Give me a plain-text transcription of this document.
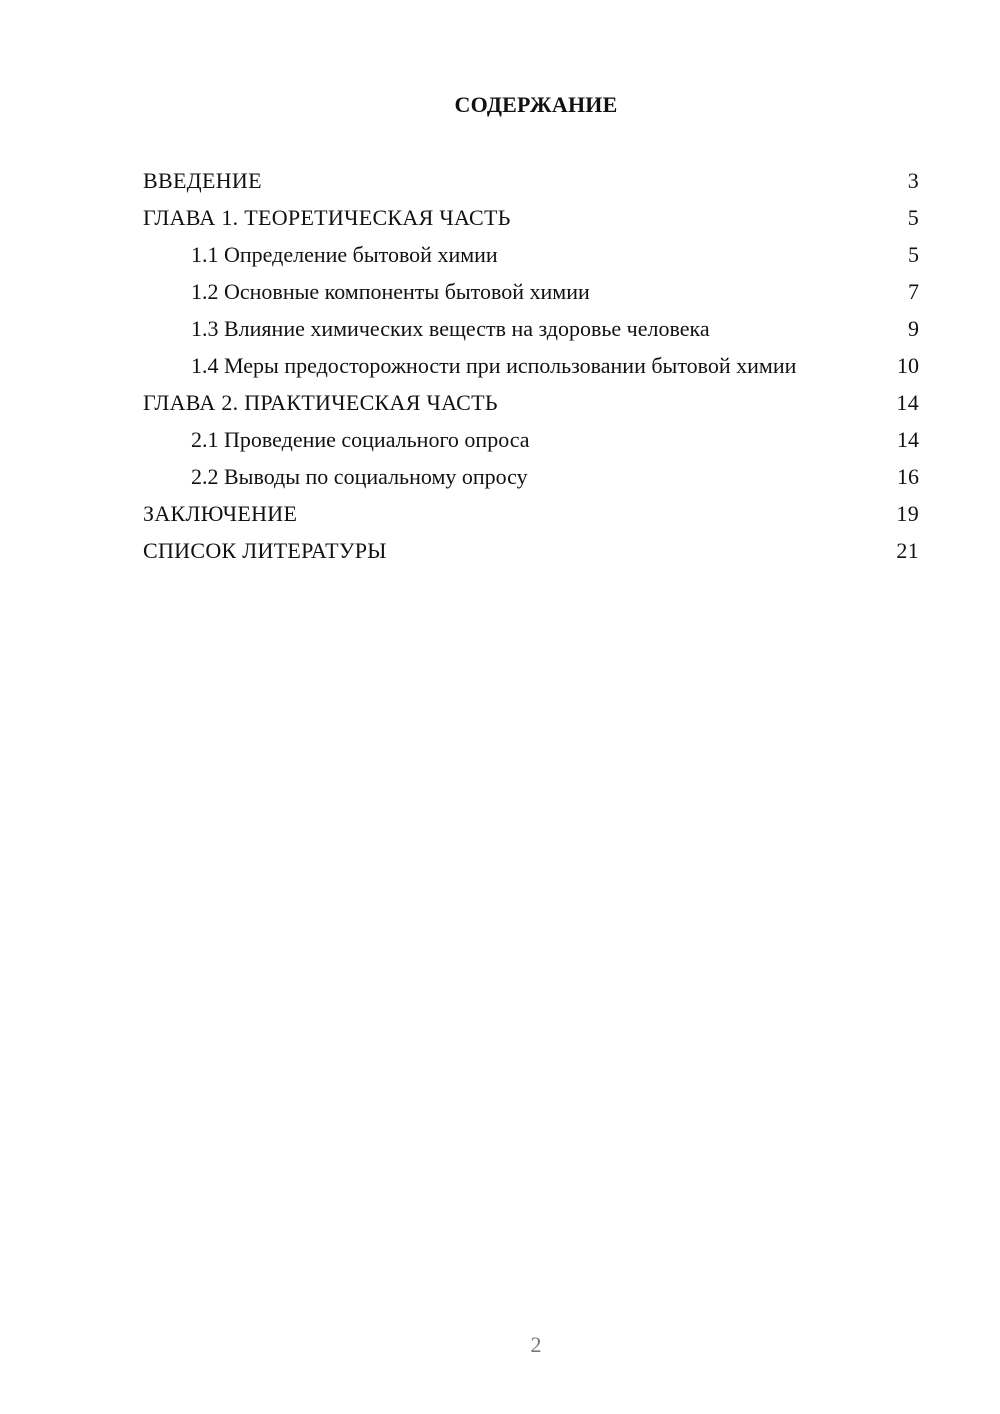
СОДЕРЖАНИЕ
ВВЕДЕНИЕ	3
ГЛАВА 1. ТЕОРЕТИЧЕСКАЯ ЧАСТЬ	5
1.1 Определение бытовой химии	5
1.2 Основные компоненты бытовой химии	7
1.3 Влияние химических веществ на здоровье человека	9
1.4 Меры предосторожности при использовании бытовой химии	10
ГЛАВА 2. ПРАКТИЧЕСКАЯ ЧАСТЬ	14
2.1 Проведение социального опроса	14
2.2 Выводы по социальному опросу	16
ЗАКЛЮЧЕНИЕ	19
СПИСОК ЛИТЕРАТУРЫ	21
2
